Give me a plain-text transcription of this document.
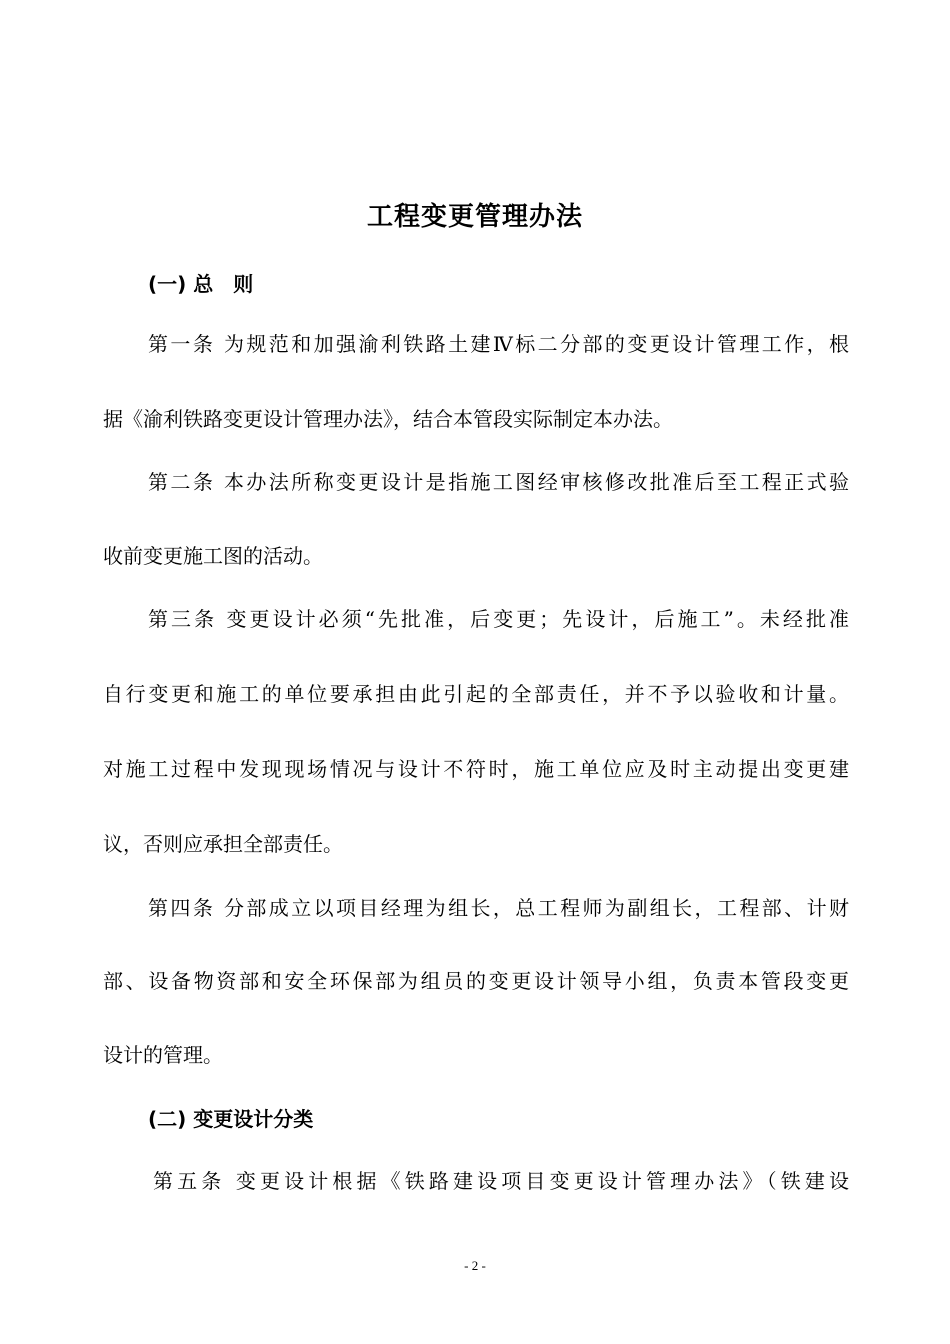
工程变更管理办法
(一) 总　则
第一条 为规范和加强渝利铁路土建Ⅳ标二分部的变更设计管理工作，根
据《渝利铁路变更设计管理办法》，结合本管段实际制定本办法。
第二条 本办法所称变更设计是指施工图经审核修改批准后至工程正式验
收前变更施工图的活动。
第三条 变更设计必须“先批准，后变更；先设计，后施工”。未经批准
自行变更和施工的单位要承担由此引起的全部责任，并不予以验收和计量。
对施工过程中发现现场情况与设计不符时，施工单位应及时主动提出变更建
议，否则应承担全部责任。
第四条 分部成立以项目经理为组长，总工程师为副组长，工程部、计财
部、设备物资部和安全环保部为组员的变更设计领导小组，负责本管段变更
设计的管理。
(二) 变更设计分类
第五条 变更设计根据《铁路建设项目变更设计管理办法》（铁建设
- 2 -
